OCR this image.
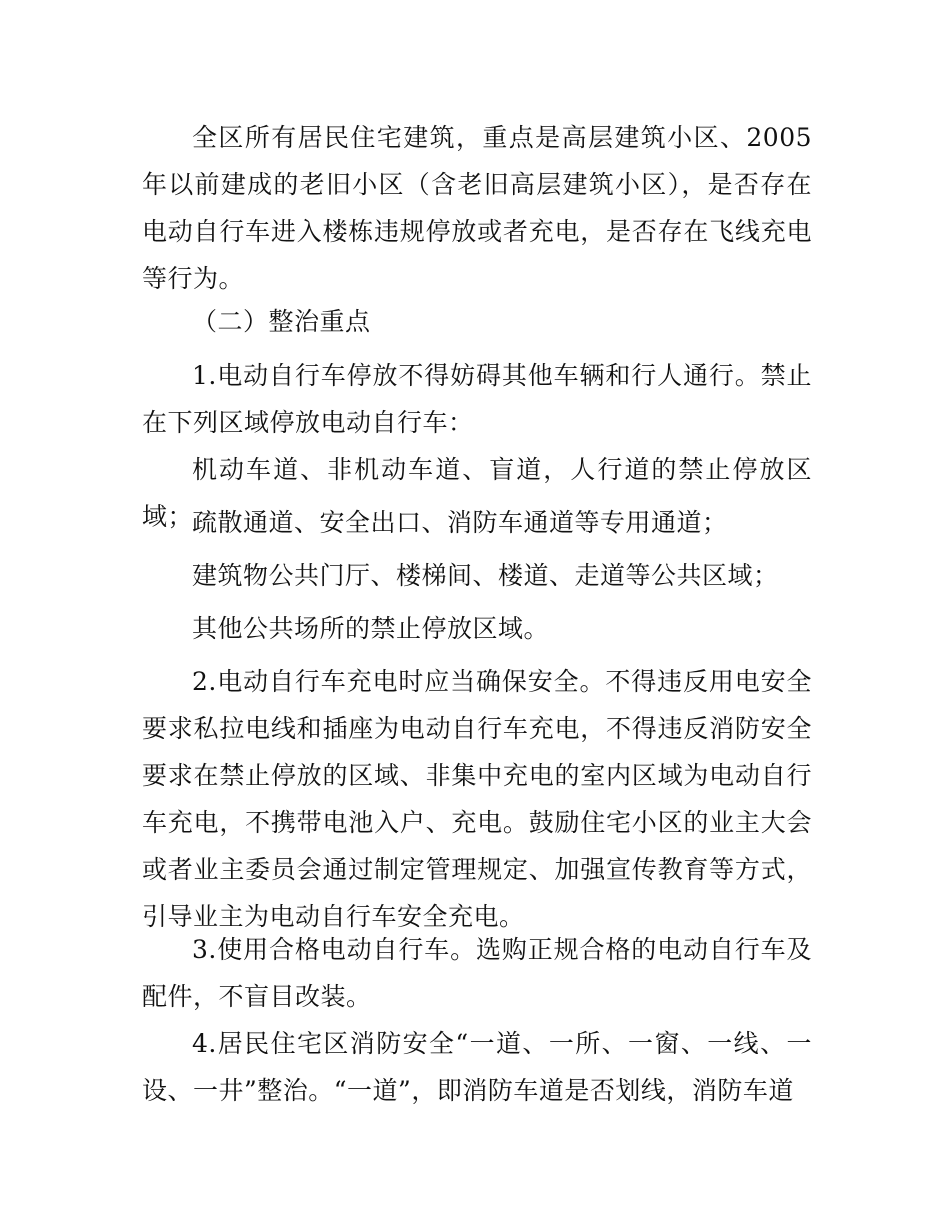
全区所有居民住宅建筑，重点是高层建筑小区、2005年以前建成的老旧小区（含老旧高层建筑小区），是否存在电动自行车进入楼栋违规停放或者充电，是否存在飞线充电等行为。

（二）整治重点

1.电动自行车停放不得妨碍其他车辆和行人通行。禁止在下列区域停放电动自行车：

机动车道、非机动车道、盲道，人行道的禁止停放区域；

疏散通道、安全出口、消防车通道等专用通道；

建筑物公共门厅、楼梯间、楼道、走道等公共区域；

其他公共场所的禁止停放区域。

2.电动自行车充电时应当确保安全。不得违反用电安全要求私拉电线和插座为电动自行车充电，不得违反消防安全要求在禁止停放的区域、非集中充电的室内区域为电动自行车充电，不携带电池入户、充电。鼓励住宅小区的业主大会或者业主委员会通过制定管理规定、加强宣传教育等方式，引导业主为电动自行车安全充电。

3.使用合格电动自行车。选购正规合格的电动自行车及配件，不盲目改装。

4.居民住宅区消防安全“一道、一所、一窗、一线、一设、一井”整治。“一道”，即消防车道是否划线，消防车道
